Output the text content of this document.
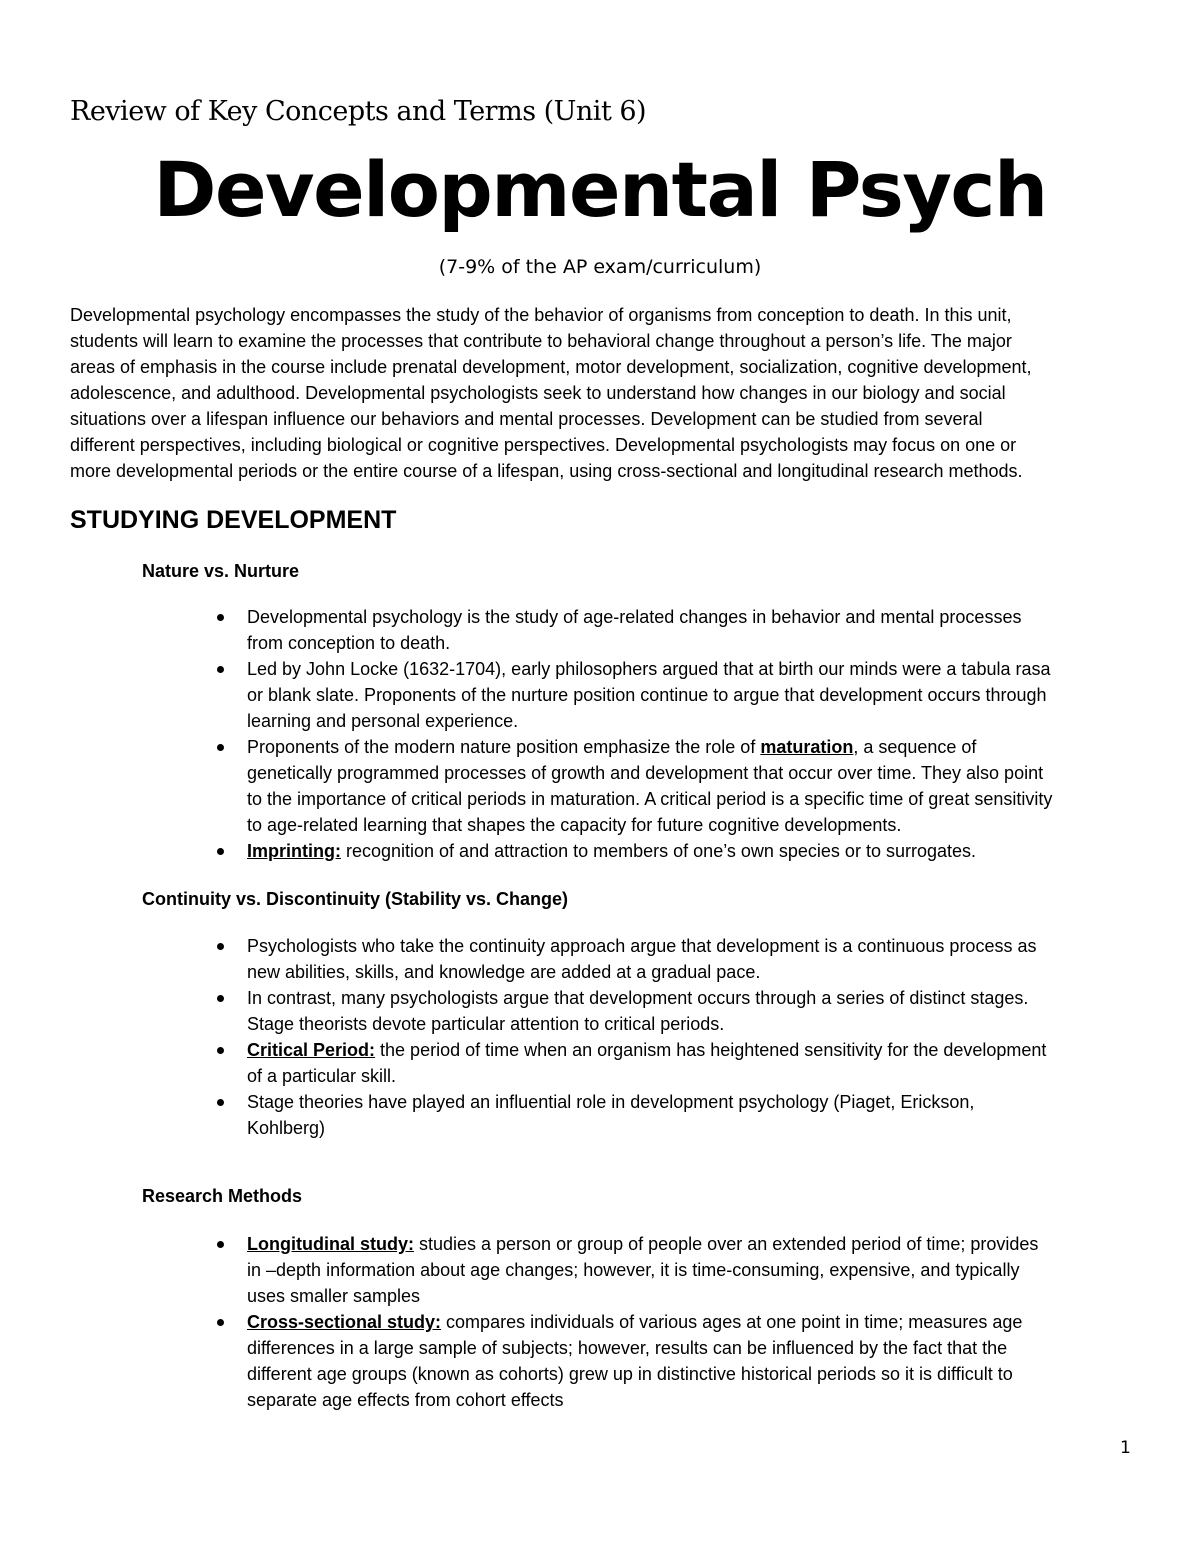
Review of Key Concepts and Terms (Unit 6)
Developmental Psych
(7-9% of the AP exam/curriculum)

Developmental psychology encompasses the study of the behavior of organisms from conception to death. In this unit,
students will learn to examine the processes that contribute to behavioral change throughout a person’s life. The major
areas of emphasis in the course include prenatal development, motor development, socialization, cognitive development,
adolescence, and adulthood. Developmental psychologists seek to understand how changes in our biology and social
situations over a lifespan influence our behaviors and mental processes. Development can be studied from several
different perspectives, including biological or cognitive perspectives. Developmental psychologists may focus on one or
more developmental periods or the entire course of a lifespan, using cross-sectional and longitudinal research methods.

STUDYING DEVELOPMENT
Nature vs. Nurture
Developmental psychology is the study of age-related changes in behavior and mental processes
from conception to death.
Led by John Locke (1632-1704), early philosophers argued that at birth our minds were a tabula rasa
or blank slate. Proponents of the nurture position continue to argue that development occurs through
learning and personal experience.
Proponents of the modern nature position emphasize the role of maturation, a sequence of
genetically programmed processes of growth and development that occur over time. They also point
to the importance of critical periods in maturation. A critical period is a specific time of great sensitivity
to age-related learning that shapes the capacity for future cognitive developments.
Imprinting: recognition of and attraction to members of one’s own species or to surrogates.
Continuity vs. Discontinuity (Stability vs. Change)
Psychologists who take the continuity approach argue that development is a continuous process as
new abilities, skills, and knowledge are added at a gradual pace.
In contrast, many psychologists argue that development occurs through a series of distinct stages.
Stage theorists devote particular attention to critical periods.
Critical Period: the period of time when an organism has heightened sensitivity for the development
of a particular skill.
Stage theories have played an influential role in development psychology (Piaget, Erickson,
Kohlberg)
Research Methods
Longitudinal study: studies a person or group of people over an extended period of time; provides
in –depth information about age changes; however, it is time-consuming, expensive, and typically
uses smaller samples
Cross-sectional study: compares individuals of various ages at one point in time; measures age
differences in a large sample of subjects; however, results can be influenced by the fact that the
different age groups (known as cohorts) grew up in distinctive historical periods so it is difficult to
separate age effects from cohort effects
1
